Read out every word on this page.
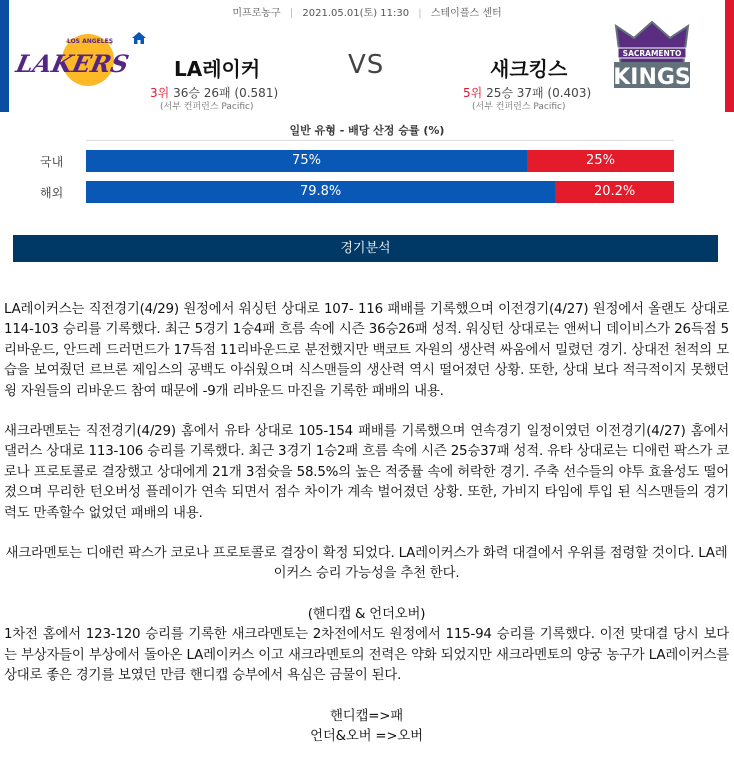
미프로농구 | 2021.05.01(토) 11:30 | 스테이플스 센터
LOS ANGELES
LAKERS LA레이커	VS	새크킹스
SACRAMENTO
KINGS
3위 36승 26패 (0.581)	5위 25승 37패 (0.403)
(서부 컨퍼런스 Pacific)	(서부 컨퍼런스 Pacific)
일반 유형 - 배당 산정 승률 (%)
국내	75%	25%
해외	79.8%	20.2%
경기분석

LA레이커스는 직전경기(4/29) 원정에서 워싱턴 상대로 107- 116 패배를 기록했으며 이전경기(4/27) 원정에서 올랜도 상대로 114-103 승리를 기록했다. 최근 5경기 1승4패 흐름 속에 시즌 36승26패 성적. 워싱턴 상대로는 앤써니 데이비스가 26득점 5리바운드, 안드레 드러먼드가 17득점 11리바운드로 분전했지만 백코트 자원의 생산력 싸움에서 밀렸던 경기. 상대전 천적의 모습을 보여줬던 르브론 제임스의 공백도 아쉬웠으며 식스맨들의 생산력 역시 떨어졌던 상황. 또한, 상대 보다 적극적이지 못했던 윙 자원들의 리바운드 참여 때문에 -9개 리바운드 마진을 기록한 패배의 내용.

새크라멘토는 직전경기(4/29) 홈에서 유타 상대로 105-154 패배를 기록했으며 연속경기 일정이였던 이전경기(4/27) 홈에서 댈러스 상대로 113-106 승리를 기록했다. 최근 3경기 1승2패 흐름 속에 시즌 25승37패 성적. 유타 상대로는 디애런 팍스가 코로나 프로토콜로 결장했고 상대에게 21개 3점슛을 58.5%의 높은 적중률 속에 허락한 경기. 주축 선수들의 야투 효율성도 떨어졌으며 무리한 턴오버성 플레이가 연속 되면서 점수 차이가 계속 벌어졌던 상황. 또한, 가비지 타임에 투입 된 식스맨들의 경기력도 만족할수 없었던 패배의 내용.

새크라멘토는 디애런 팍스가 코로나 프로토콜로 결장이 확정 되었다. LA레이커스가 화력 대결에서 우위를 점령할 것이다. LA레이커스 승리 가능성을 추천 한다.

(핸디캡 & 언더오버)

1차전 홈에서 123-120 승리를 기록한 새크라멘토는 2차전에서도 원정에서 115-94 승리를 기록했다. 이전 맞대결 당시 보다는 부상자들이 부상에서 돌아온 LA레이커스 이고 새크라멘토의 전력은 약화 되었지만 새크라멘토의 양궁 농구가 LA레이커스를 상대로 좋은 경기를 보였던 만큼 핸디캡 승부에서 욕심은 금물이 된다.

핸디캡=>패

언더&오버 =>오버
